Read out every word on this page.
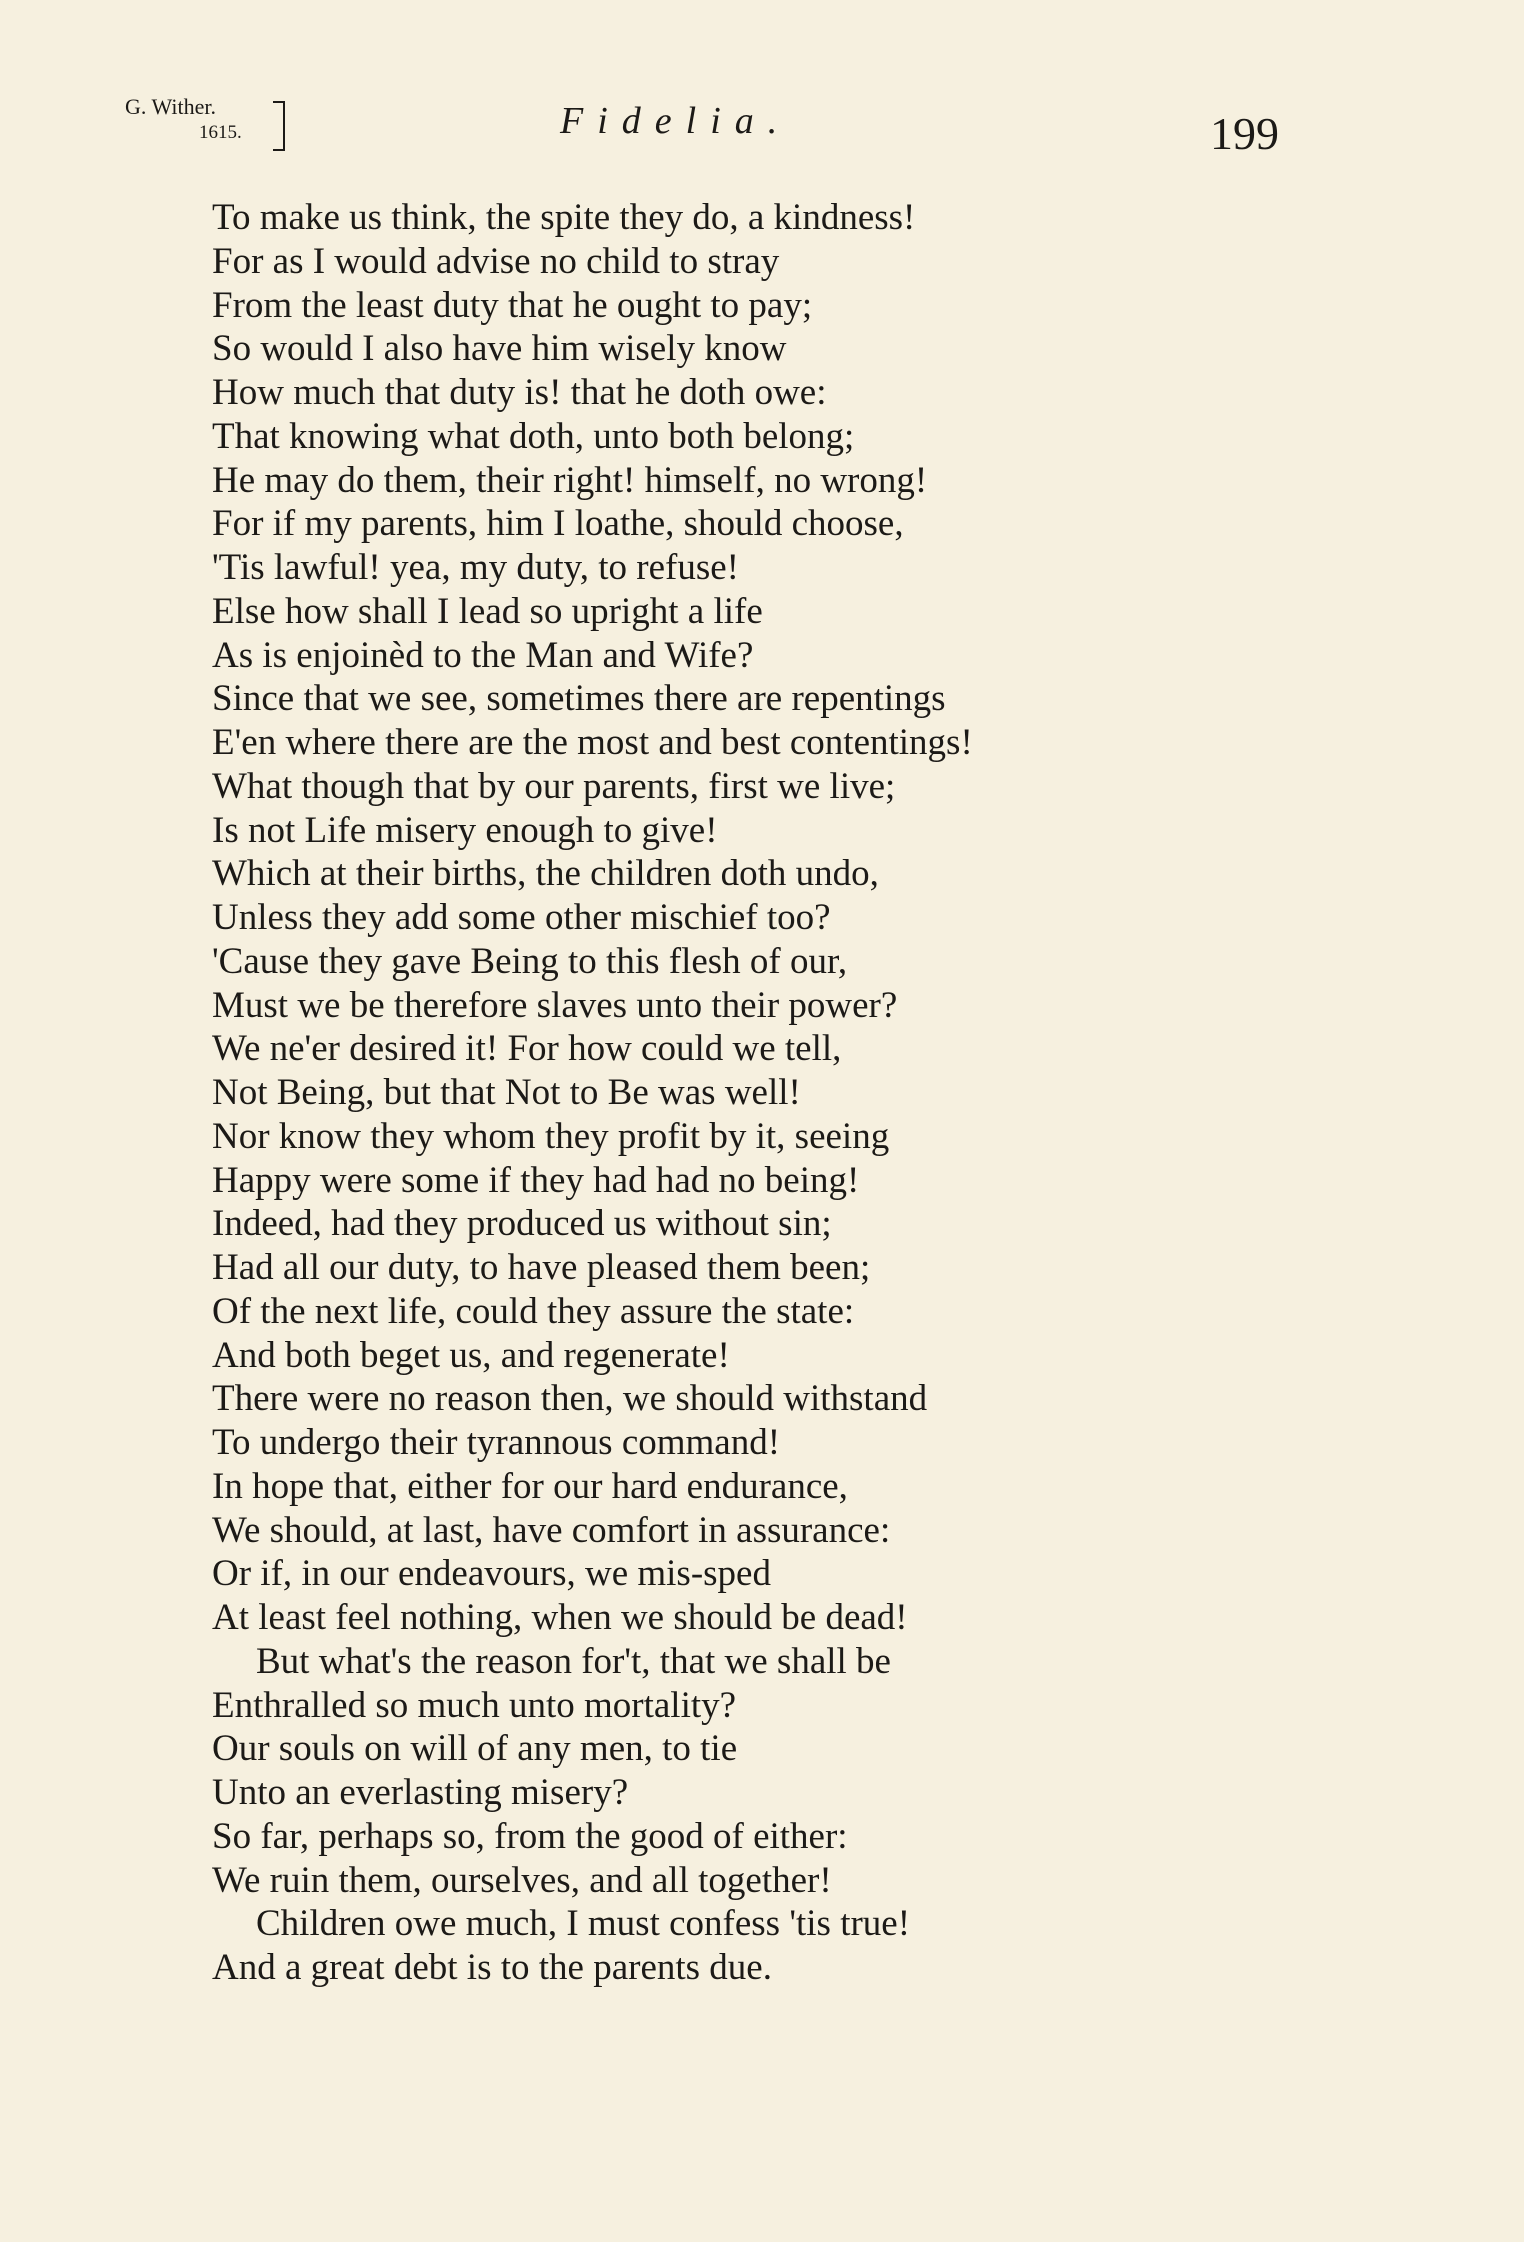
G. Wither.
1615.	Fidelia.	199
To make us think, the spite they do, a kindness!
For as I would advise no child to stray
From the least duty that he ought to pay;
So would I also have him wisely know
How much that duty is! that he doth owe:
That knowing what doth, unto both belong;
He may do them, their right! himself, no wrong!
For if my parents, him I loathe, should choose,
'Tis lawful! yea, my duty, to refuse!
Else how shall I lead so upright a life
As is enjoinèd to the Man and Wife?
Since that we see, sometimes there are repentings
E'en where there are the most and best contentings!
What though that by our parents, first we live;
Is not Life misery enough to give!
Which at their births, the children doth undo,
Unless they add some other mischief too?
'Cause they gave Being to this flesh of our,
Must we be therefore slaves unto their power?
We ne'er desired it! For how could we tell,
Not Being, but that Not to Be was well!
Nor know they whom they profit by it, seeing
Happy were some if they had had no being!
Indeed, had they produced us without sin;
Had all our duty, to have pleased them been;
Of the next life, could they assure the state:
And both beget us, and regenerate!
There were no reason then, we should withstand
To undergo their tyrannous command!
In hope that, either for our hard endurance,
We should, at last, have comfort in assurance:
Or if, in our endeavours, we mis-sped
At least feel nothing, when we should be dead!
But what's the reason for't, that we shall be
Enthralled so much unto mortality?
Our souls on will of any men, to tie
Unto an everlasting misery?
So far, perhaps so, from the good of either:
We ruin them, ourselves, and all together!
Children owe much, I must confess 'tis true!
And a great debt is to the parents due.
